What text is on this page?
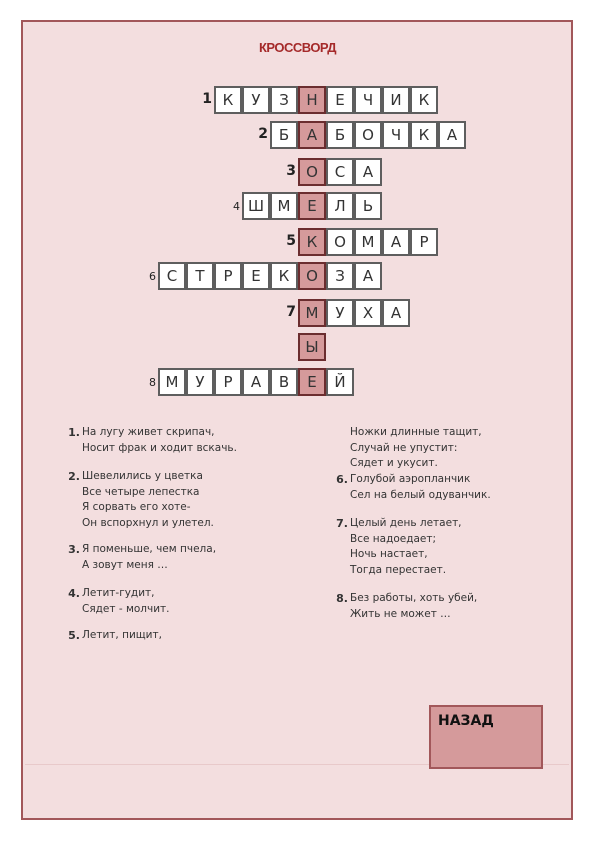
КРОССВОРД
1 К	У	З	Н	Е	Ч	И	К
2 Б	А	Б	О	Ч	К	А
3 О	С	А
4 Ш М	Е	Л	Ь
5 К	О	М	А	Р
6 С	Т	Р	Е	К	О	З	А
7 М	У	Х	А
Ы
8 М	У	Р	А	В	Е	Й
1. На лугу живет скрипач,
Носит фрак и ходит вскачь.
2. Шевелились у цветка
Все четыре лепестка
Я сорвать его хоте-
Он вспорхнул и улетел.
3. Я поменьше, чем пчела,
А зовут меня …
4. Летит-гудит,
Сядет - молчит.
5. Летит, пищит,
Ножки длинные тащит,
Случай не упустит:
Сядет и укусит.
6. Голубой аэропланчик
Сел на белый одуванчик.
7. Целый день летает,
Все надоедает;
Ночь настает,
Тогда перестает.
8. Без работы, хоть убей,
Жить не может …
НАЗАД
